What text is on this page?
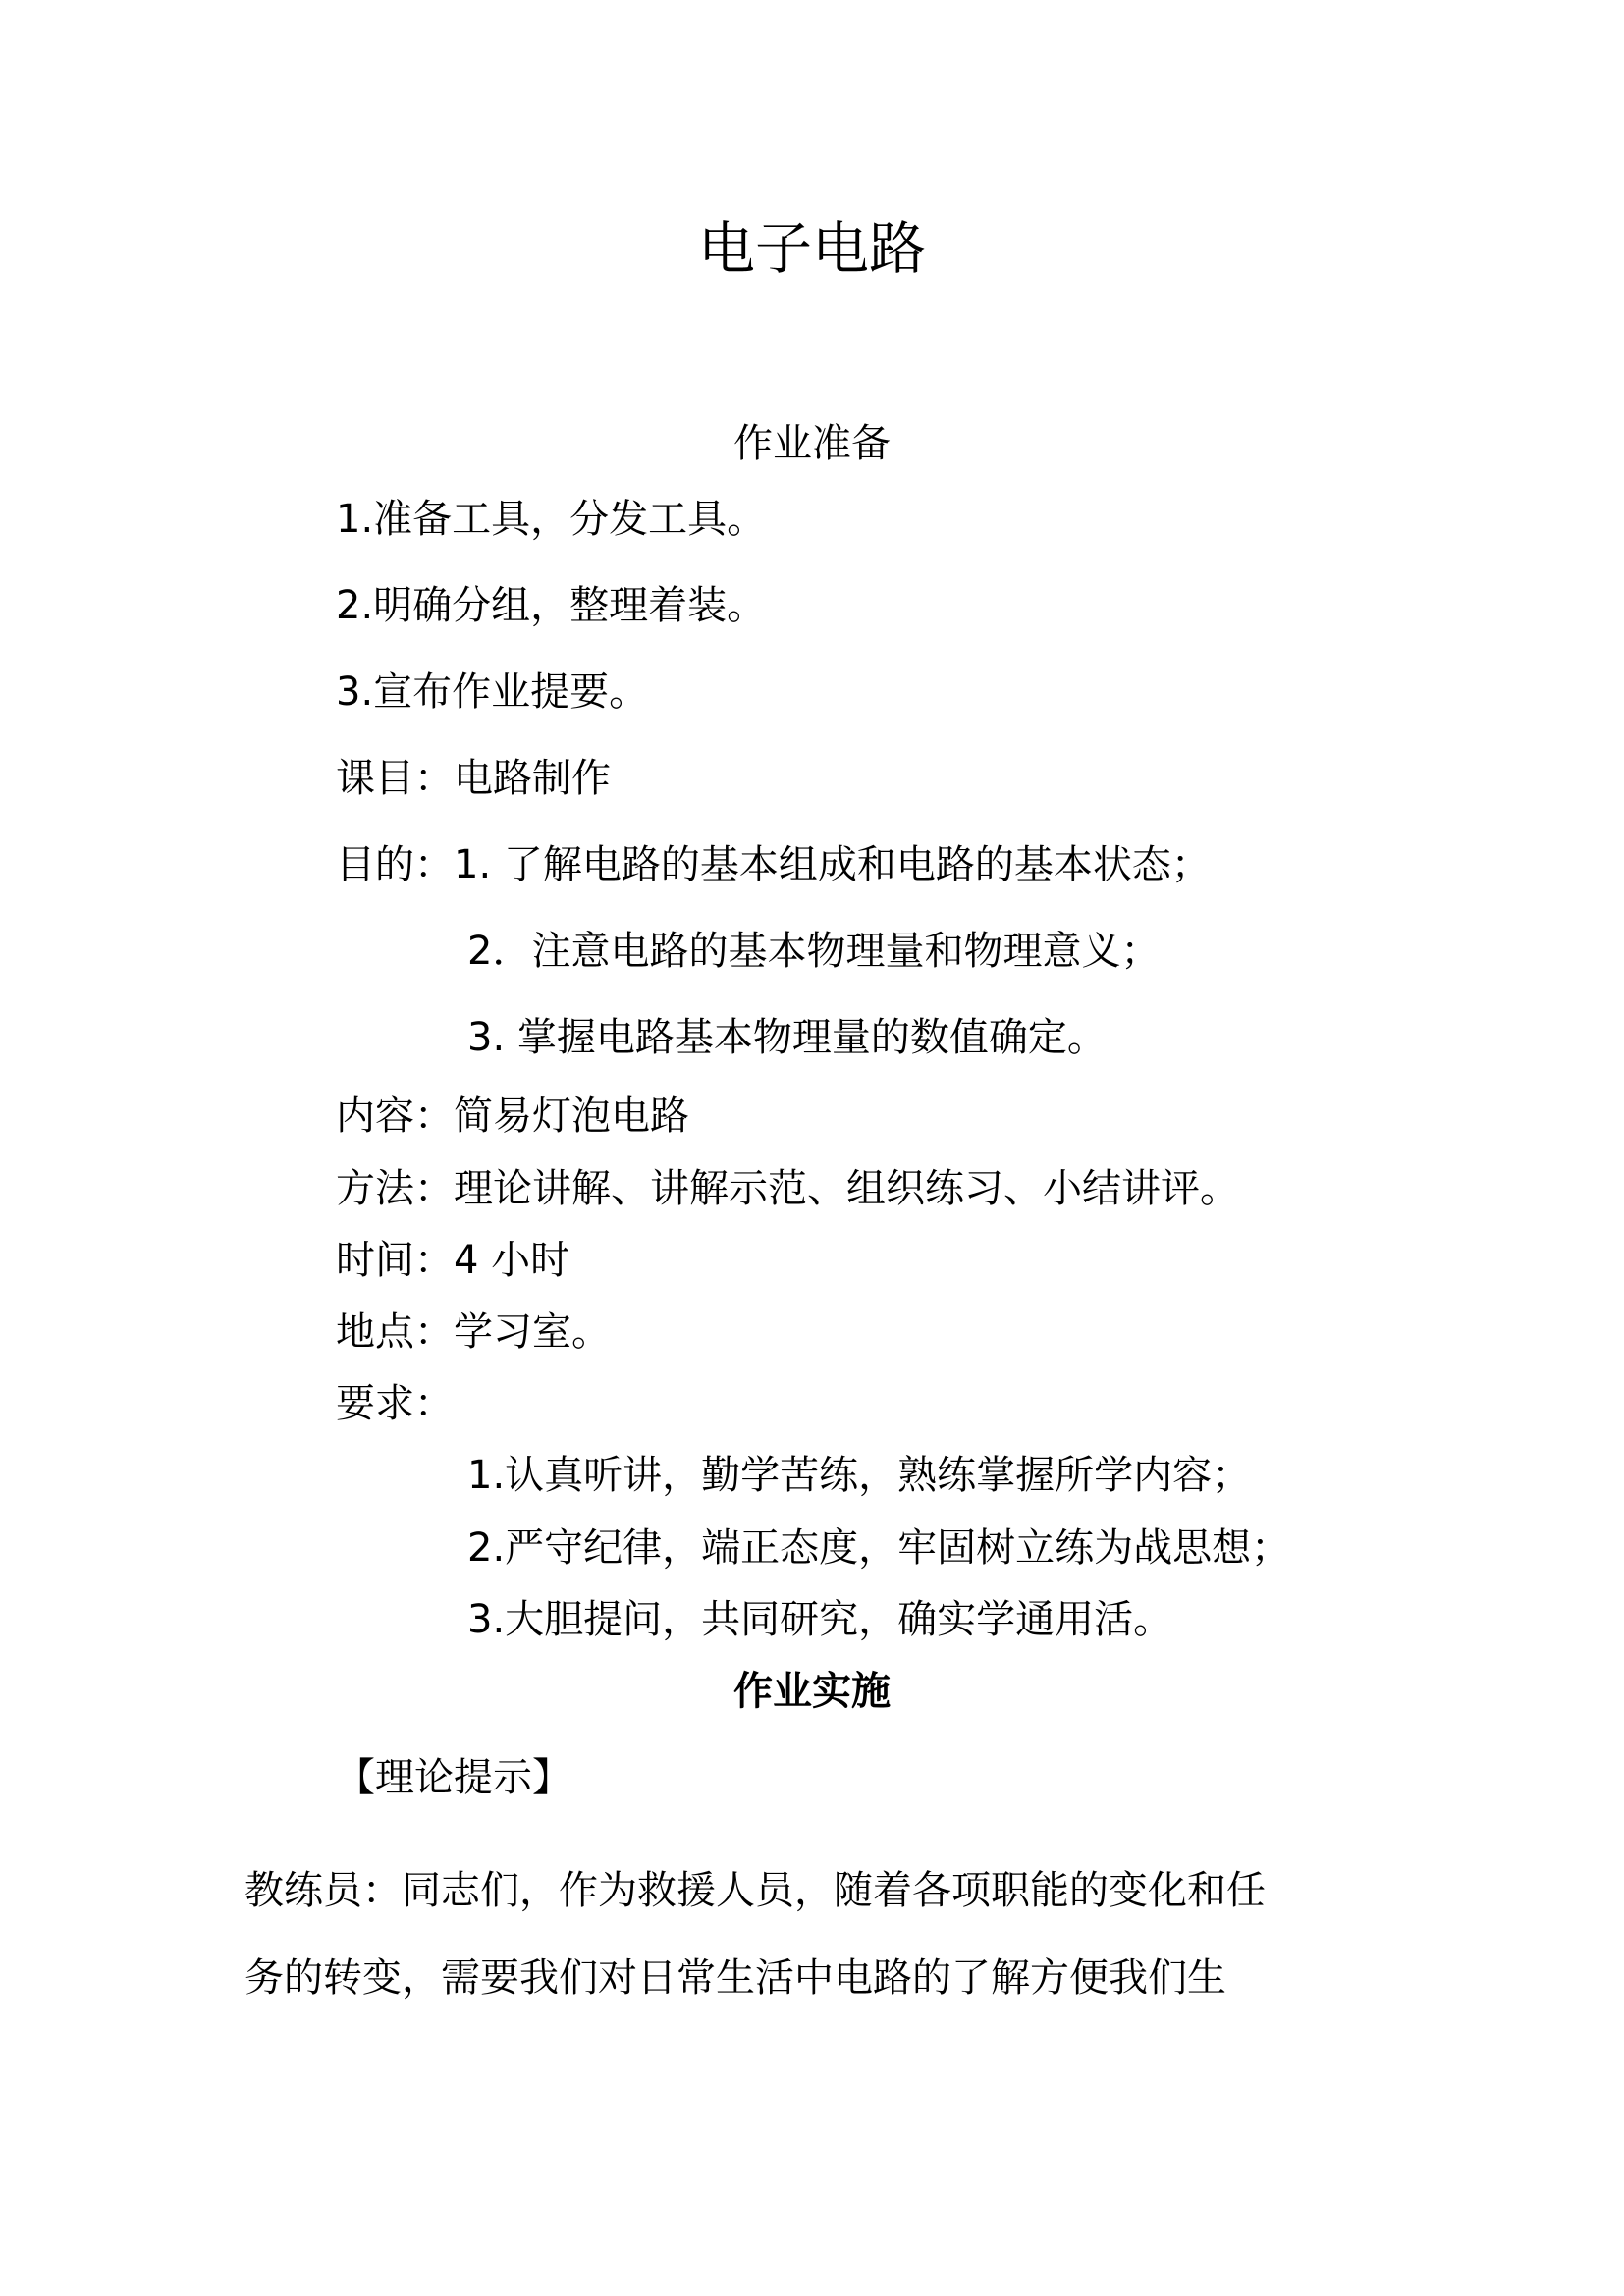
电子电路
作业准备
1.准备工具，分发工具。
2.明确分组，整理着装。
3.宣布作业提要。
课目：电路制作
目的：1. 了解电路的基本组成和电路的基本状态；
2．注意电路的基本物理量和物理意义；
3. 掌握电路基本物理量的数值确定。
内容：简易灯泡电路
方法：理论讲解、讲解示范、组织练习、小结讲评。
时间：4 小时
地点：学习室。
要求：
1.认真听讲，勤学苦练，熟练掌握所学内容；
2.严守纪律，端正态度，牢固树立练为战思想；
3.大胆提问，共同研究，确实学通用活。
作业实施
【理论提示】
教练员：同志们，作为救援人员，随着各项职能的变化和任
务的转变，需要我们对日常生活中电路的了解方便我们生
